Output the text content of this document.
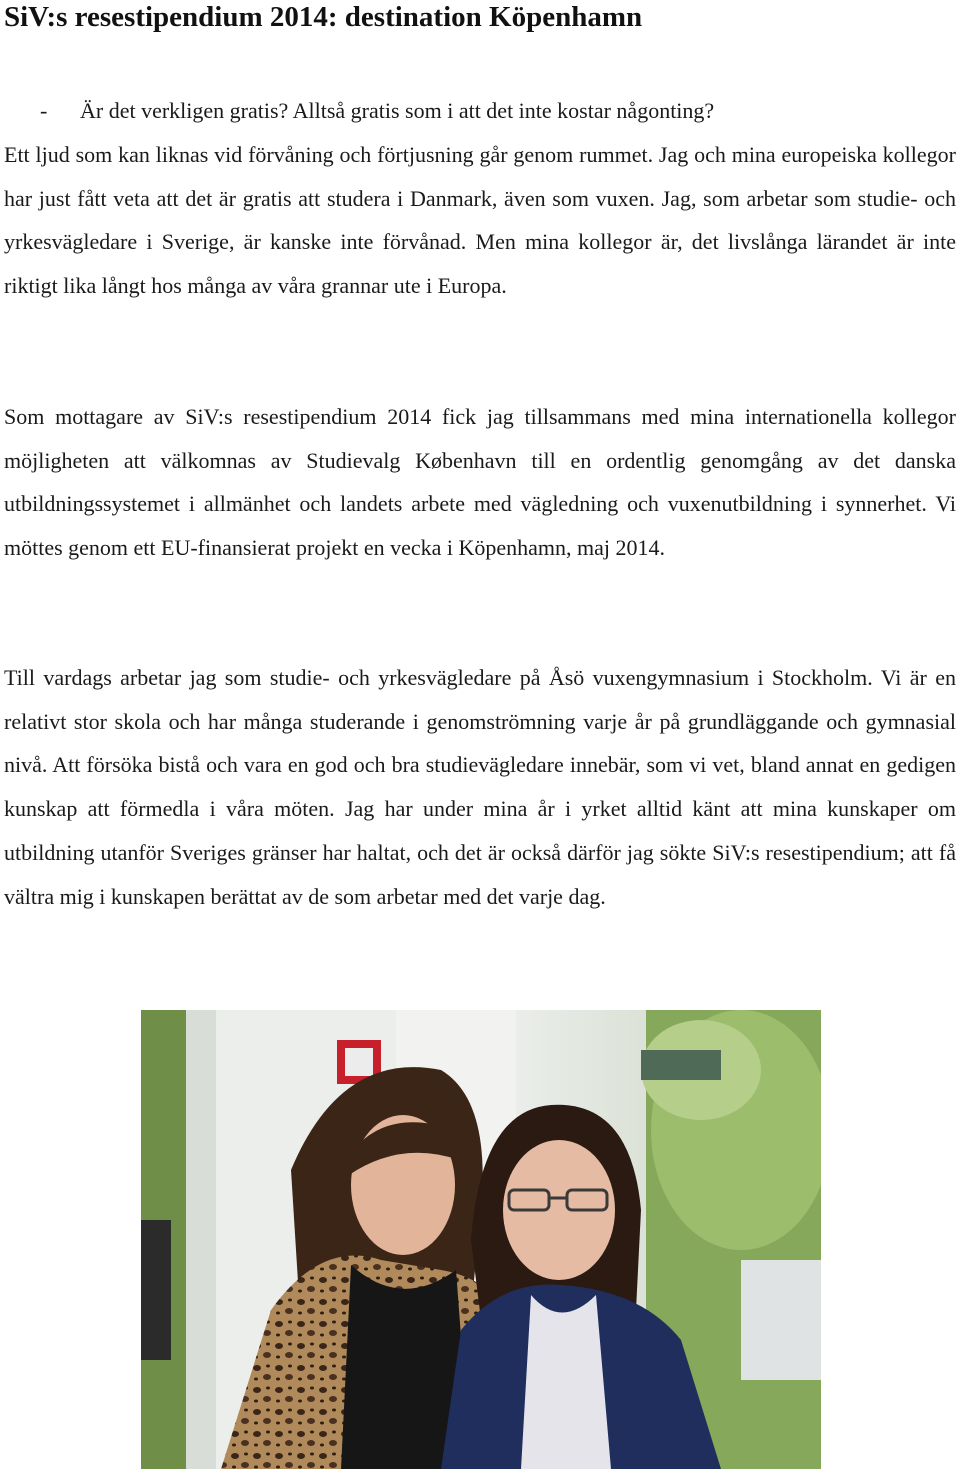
SiV:s resestipendium 2014: destination Köpenhamn

- Är det verkligen gratis? Alltså gratis som i att det inte kostar någonting?

Ett ljud som kan liknas vid förvåning och förtjusning går genom rummet. Jag och mina europeiska kollegor har just fått veta att det är gratis att studera i Danmark, även som vuxen. Jag, som arbetar som studie- och yrkesvägledare i Sverige, är kanske inte förvånad. Men mina kollegor är, det livslånga lärandet är inte riktigt lika långt hos många av våra grannar ute i Europa.

Som mottagare av SiV:s resestipendium 2014 fick jag tillsammans med mina internationella kollegor möjligheten att välkomnas av Studievalg København till en ordentlig genomgång av det danska utbildningssystemet i allmänhet och landets arbete med vägledning och vuxenutbildning i synnerhet. Vi möttes genom ett EU-finansierat projekt en vecka i Köpenhamn, maj 2014.

Till vardags arbetar jag som studie- och yrkesvägledare på Åsö vuxengymnasium i Stockholm. Vi är en relativt stor skola och har många studerande i genomströmning varje år på grundläggande och gymnasial nivå. Att försöka bistå och vara en god och bra studievägledare innebär, som vi vet, bland annat en gedigen kunskap att förmedla i våra möten. Jag har under mina år i yrket alltid känt att mina kunskaper om utbildning utanför Sveriges gränser har haltat, och det är också därför jag sökte SiV:s resestipendium; att få vältra mig i kunskapen berättat av de som arbetar med det varje dag.
